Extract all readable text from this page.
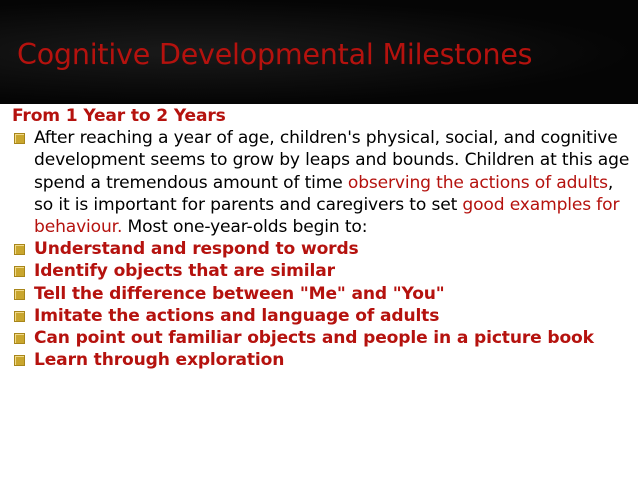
Cognitive Developmental Milestones

From 1 Year to 2 Years

After reaching a year of age, children's physical, social, and cognitive development seems to grow by leaps and bounds. Children at this age spend a tremendous amount of time observing the actions of adults, so it is important for parents and caregivers to set good examples for behaviour. Most one-year-olds begin to:
Understand and respond to words
Identify objects that are similar
Tell the difference between "Me" and "You"
Imitate the actions and language of adults
Can point out familiar objects and people in a picture book
Learn through exploration
